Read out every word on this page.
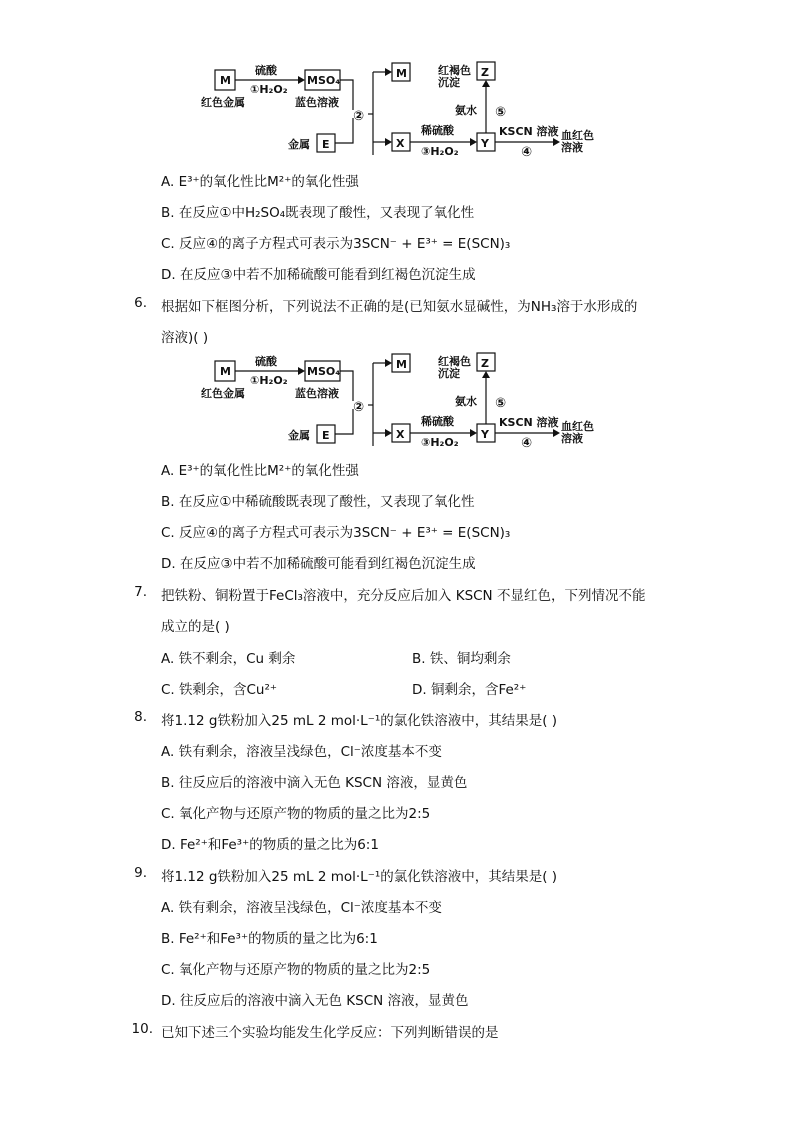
M
硫酸
①H₂O₂
红色金属
MSO₄
蓝色溶液
E
金属
②
M
X
稀硫酸
③H₂O₂
Y
KSCN 溶液
④
血红色
溶液
氨水 ⑤
Z
红褐色
沉淀
A. E³⁺的氧化性比M²⁺的氧化性强
B. 在反应①中H₂SO₄既表现了酸性，又表现了氧化性
C. 反应④的离子方程式可表示为3SCN⁻ + E³⁺ = E(SCN)₃
D. 在反应③中若不加稀硫酸可能看到红褐色沉淀生成
6. 根据如下框图分析，下列说法不正确的是(已知氨水显碱性，为NH₃溶于水形成的
溶液)( )
M
硫酸
①H₂O₂
红色金属
MSO₄
蓝色溶液
E
金属
②
M
X
稀硫酸
③H₂O₂
Y
KSCN 溶液
④
血红色
溶液
氨水 ⑤
Z
红褐色
沉淀
A. E³⁺的氧化性比M²⁺的氧化性强
B. 在反应①中稀硫酸既表现了酸性，又表现了氧化性
C. 反应④的离子方程式可表示为3SCN⁻ + E³⁺ = E(SCN)₃
D. 在反应③中若不加稀硫酸可能看到红褐色沉淀生成
7. 把铁粉、铜粉置于FeCl₃溶液中，充分反应后加入 KSCN 不显红色，下列情况不能
成立的是( )
A. 铁不剩余，Cu 剩余	B. 铁、铜均剩余
C. 铁剩余，含Cu²⁺	D. 铜剩余，含Fe²⁺
8. 将1.12 g铁粉加入25 mL 2 mol·L⁻¹的氯化铁溶液中，其结果是( )
A. 铁有剩余，溶液呈浅绿色，Cl⁻浓度基本不变
B. 往反应后的溶液中滴入无色 KSCN 溶液，显黄色
C. 氧化产物与还原产物的物质的量之比为2:5
D. Fe²⁺和Fe³⁺的物质的量之比为6:1
9. 将1.12 g铁粉加入25 mL 2 mol·L⁻¹的氯化铁溶液中，其结果是( )
A. 铁有剩余，溶液呈浅绿色，Cl⁻浓度基本不变
B. Fe²⁺和Fe³⁺的物质的量之比为6:1
C. 氧化产物与还原产物的物质的量之比为2:5
D. 往反应后的溶液中滴入无色 KSCN 溶液，显黄色
10. 已知下述三个实验均能发生化学反应：下列判断错误的是
